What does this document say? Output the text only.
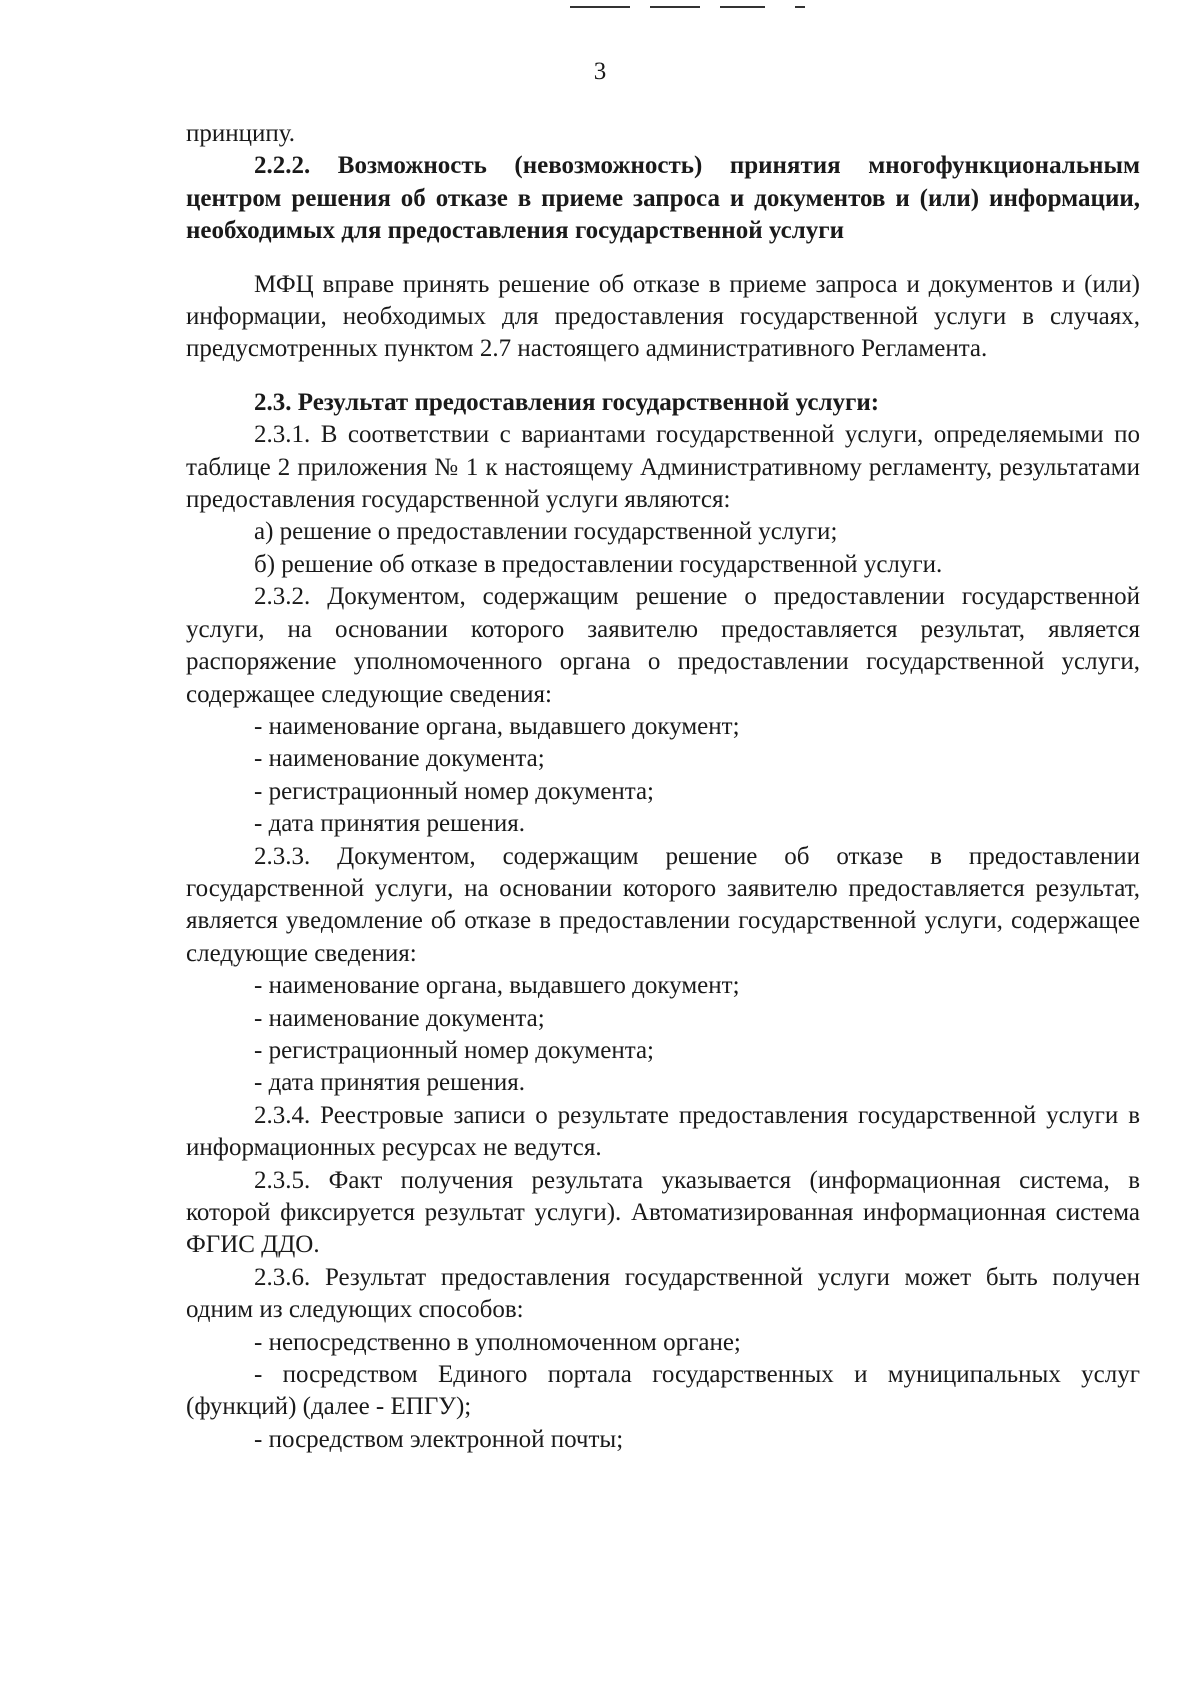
3

принципу.

2.2.2. Возможность (невозможность) принятия многофункциональным центром решения об отказе в приеме запроса и документов и (или) информации, необходимых для предоставления государственной услуги

МФЦ вправе принять решение об отказе в приеме запроса и документов и (или) информации, необходимых для предоставления государственной услуги в случаях, предусмотренных пунктом 2.7 настоящего административного Регламента.

2.3. Результат предоставления государственной услуги:

2.3.1. В соответствии с вариантами государственной услуги, определяемыми по таблице 2 приложения № 1 к настоящему Административному регламенту, результатами предоставления государственной услуги являются:

а) решение о предоставлении государственной услуги;

б) решение об отказе в предоставлении государственной услуги.

2.3.2. Документом, содержащим решение о предоставлении государственной услуги, на основании которого заявителю предоставляется результат, является распоряжение уполномоченного органа о предоставлении государственной услуги, содержащее следующие сведения:

- наименование органа, выдавшего документ;

- наименование документа;

- регистрационный номер документа;

- дата принятия решения.

2.3.3. Документом, содержащим решение об отказе в предоставлении государственной услуги, на основании которого заявителю предоставляется результат, является уведомление об отказе в предоставлении государственной услуги, содержащее следующие сведения:

- наименование органа, выдавшего документ;

- наименование документа;

- регистрационный номер документа;

- дата принятия решения.

2.3.4. Реестровые записи о результате предоставления государственной услуги в информационных ресурсах не ведутся.

2.3.5. Факт получения результата указывается (информационная система, в которой фиксируется результат услуги). Автоматизированная информационная система ФГИС ДДО.

2.3.6. Результат предоставления государственной услуги может быть получен одним из следующих способов:

- непосредственно в уполномоченном органе;

- посредством Единого портала государственных и муниципальных услуг (функций) (далее - ЕПГУ);

- посредством электронной почты;
